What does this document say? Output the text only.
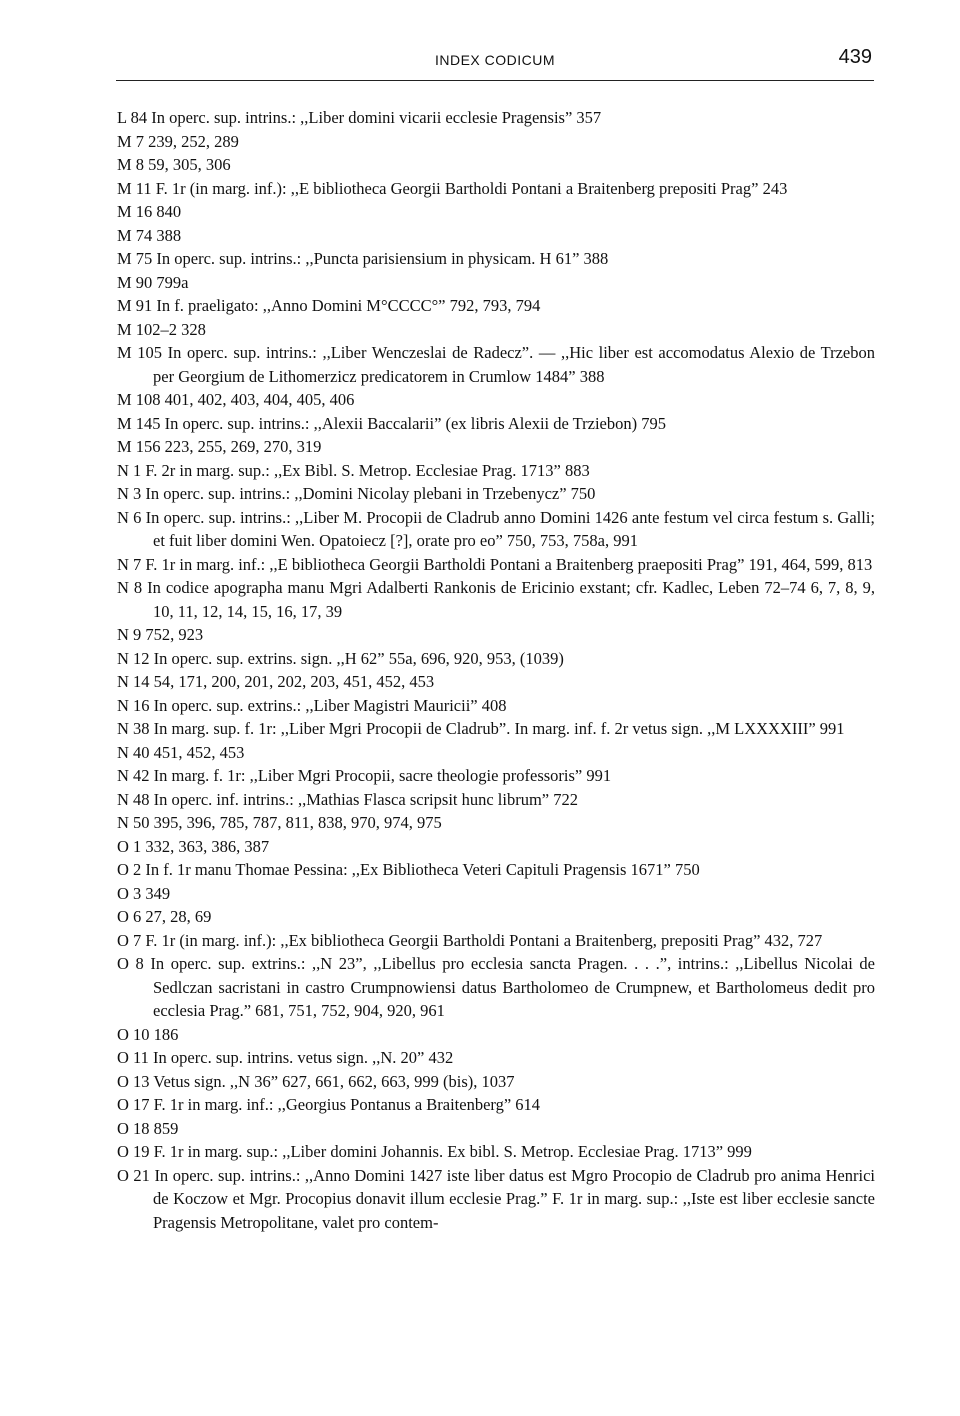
INDEX CODICUM	439

L 84 In operc. sup. intrins.: ,,Liber domini vicarii ecclesie Pragensis” 357

M 7 239, 252, 289

M 8 59, 305, 306

M 11 F. 1r (in marg. inf.): ,,E bibliotheca Georgii Bartholdi Pontani a Braitenberg prepositi Prag” 243

M 16 840

M 74 388

M 75 In operc. sup. intrins.: ,,Puncta parisiensium in physicam. H 61” 388

M 90 799a

M 91 In f. praeligato: ,,Anno Domini M°CCCC°” 792, 793, 794

M 102–2 328

M 105 In operc. sup. intrins.: ,,Liber Wenczeslai de Radecz”. — ,,Hic liber est accomodatus Alexio de Trzebon per Georgium de Lithomerzicz predicatorem in Crumlow 1484” 388

M 108 401, 402, 403, 404, 405, 406

M 145 In operc. sup. intrins.: ,,Alexii Baccalarii” (ex libris Alexii de Trziebon) 795

M 156 223, 255, 269, 270, 319

N 1 F. 2r in marg. sup.: ,,Ex Bibl. S. Metrop. Ecclesiae Prag. 1713” 883

N 3 In operc. sup. intrins.: ,,Domini Nicolay plebani in Trzebenycz” 750

N 6 In operc. sup. intrins.: ,,Liber M. Procopii de Cladrub anno Domini 1426 ante festum vel circa festum s. Galli; et fuit liber domini Wen. Opatoiecz [?], orate pro eo” 750, 753, 758a, 991

N 7 F. 1r in marg. inf.: ,,E bibliotheca Georgii Bartholdi Pontani a Braitenberg praepositi Prag” 191, 464, 599, 813

N 8 In codice apographa manu Mgri Adalberti Rankonis de Ericinio exstant; cfr. Kadlec, Leben 72–74 6, 7, 8, 9, 10, 11, 12, 14, 15, 16, 17, 39

N 9 752, 923

N 12 In operc. sup. extrins. sign. ,,H 62” 55a, 696, 920, 953, (1039)

N 14 54, 171, 200, 201, 202, 203, 451, 452, 453

N 16 In operc. sup. extrins.: ,,Liber Magistri Mauricii” 408

N 38 In marg. sup. f. 1r: ,,Liber Mgri Procopii de Cladrub”. In marg. inf. f. 2r vetus sign. ,,M LXXXXIII” 991

N 40 451, 452, 453

N 42 In marg. f. 1r: ,,Liber Mgri Procopii, sacre theologie professoris” 991

N 48 In operc. inf. intrins.: ,,Mathias Flasca scripsit hunc librum” 722

N 50 395, 396, 785, 787, 811, 838, 970, 974, 975

O 1 332, 363, 386, 387

O 2 In f. 1r manu Thomae Pessina: ,,Ex Bibliotheca Veteri Capituli Pragensis 1671” 750

O 3 349

O 6 27, 28, 69

O 7 F. 1r (in marg. inf.): ,,Ex bibliotheca Georgii Bartholdi Pontani a Braitenberg, prepositi Prag” 432, 727

O 8 In operc. sup. extrins.: ,,N 23”, ,,Libellus pro ecclesia sancta Pragen. . . .”, intrins.: ,,Libellus Nicolai de Sedlczan sacristani in castro Crumpnowiensi datus Bartholomeo de Crumpnew, et Bartholomeus dedit pro ecclesia Prag.” 681, 751, 752, 904, 920, 961

O 10 186

O 11 In operc. sup. intrins. vetus sign. ,,N. 20” 432

O 13 Vetus sign. ,,N 36” 627, 661, 662, 663, 999 (bis), 1037

O 17 F. 1r in marg. inf.: ,,Georgius Pontanus a Braitenberg” 614

O 18 859

O 19 F. 1r in marg. sup.: ,,Liber domini Johannis. Ex bibl. S. Metrop. Ecclesiae Prag. 1713” 999

O 21 In operc. sup. intrins.: ,,Anno Domini 1427 iste liber datus est Mgro Procopio de Cladrub pro anima Henrici de Koczow et Mgr. Procopius donavit illum ecclesie Prag.” F. 1r in marg. sup.: ,,Iste est liber ecclesie sancte Pragensis Metropolitane, valet pro contem-
